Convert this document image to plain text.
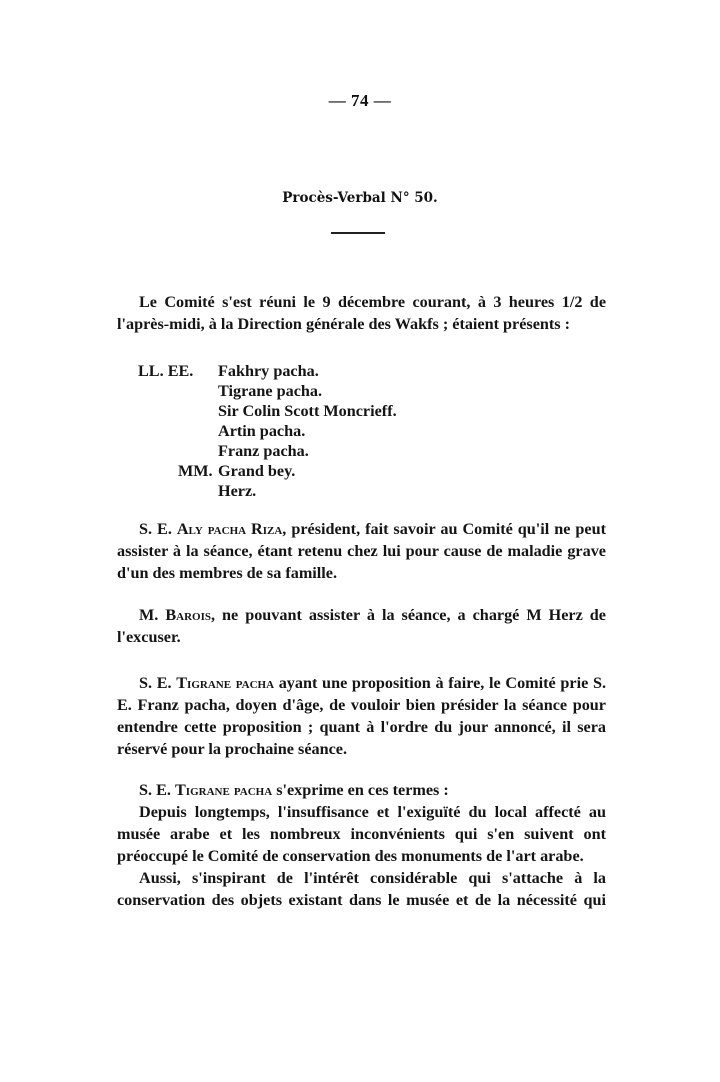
— 74 —
Procès-Verbal N° 50.

Le Comité s'est réuni le 9 décembre courant, à 3 heures 1/2 de

l'après-midi, à la Direction générale des Wakfs ; étaient présents :

LL. EE.	Fakhry pacha.
Tigrane pacha.
Sir Colin Scott Moncrieff.
Artin pacha.
Franz pacha.
MM. Grand bey.
Herz.

S. E. Aly pacha Riza, président, fait savoir au Comité qu'il ne peut assister à la séance, étant retenu chez lui pour cause de maladie grave d'un des membres de sa famille.

M. Barois, ne pouvant assister à la séance, a chargé M Herz de l'excuser.

S. E. Tigrane pacha ayant une proposition à faire, le Comité prie S. E. Franz pacha, doyen d'âge, de vouloir bien présider la séance pour entendre cette proposition ; quant à l'ordre du jour annoncé, il sera réservé pour la prochaine séance.

S. E. Tigrane pacha s'exprime en ces termes :

Depuis longtemps, l'insuffisance et l'exiguïté du local affecté au musée arabe et les nombreux inconvénients qui s'en suivent ont préoccupé le Comité de conservation des monuments de l'art arabe.

Aussi, s'inspirant de l'intérêt considérable qui s'attache à la conservation des objets existant dans le musée et de la nécessité qui
